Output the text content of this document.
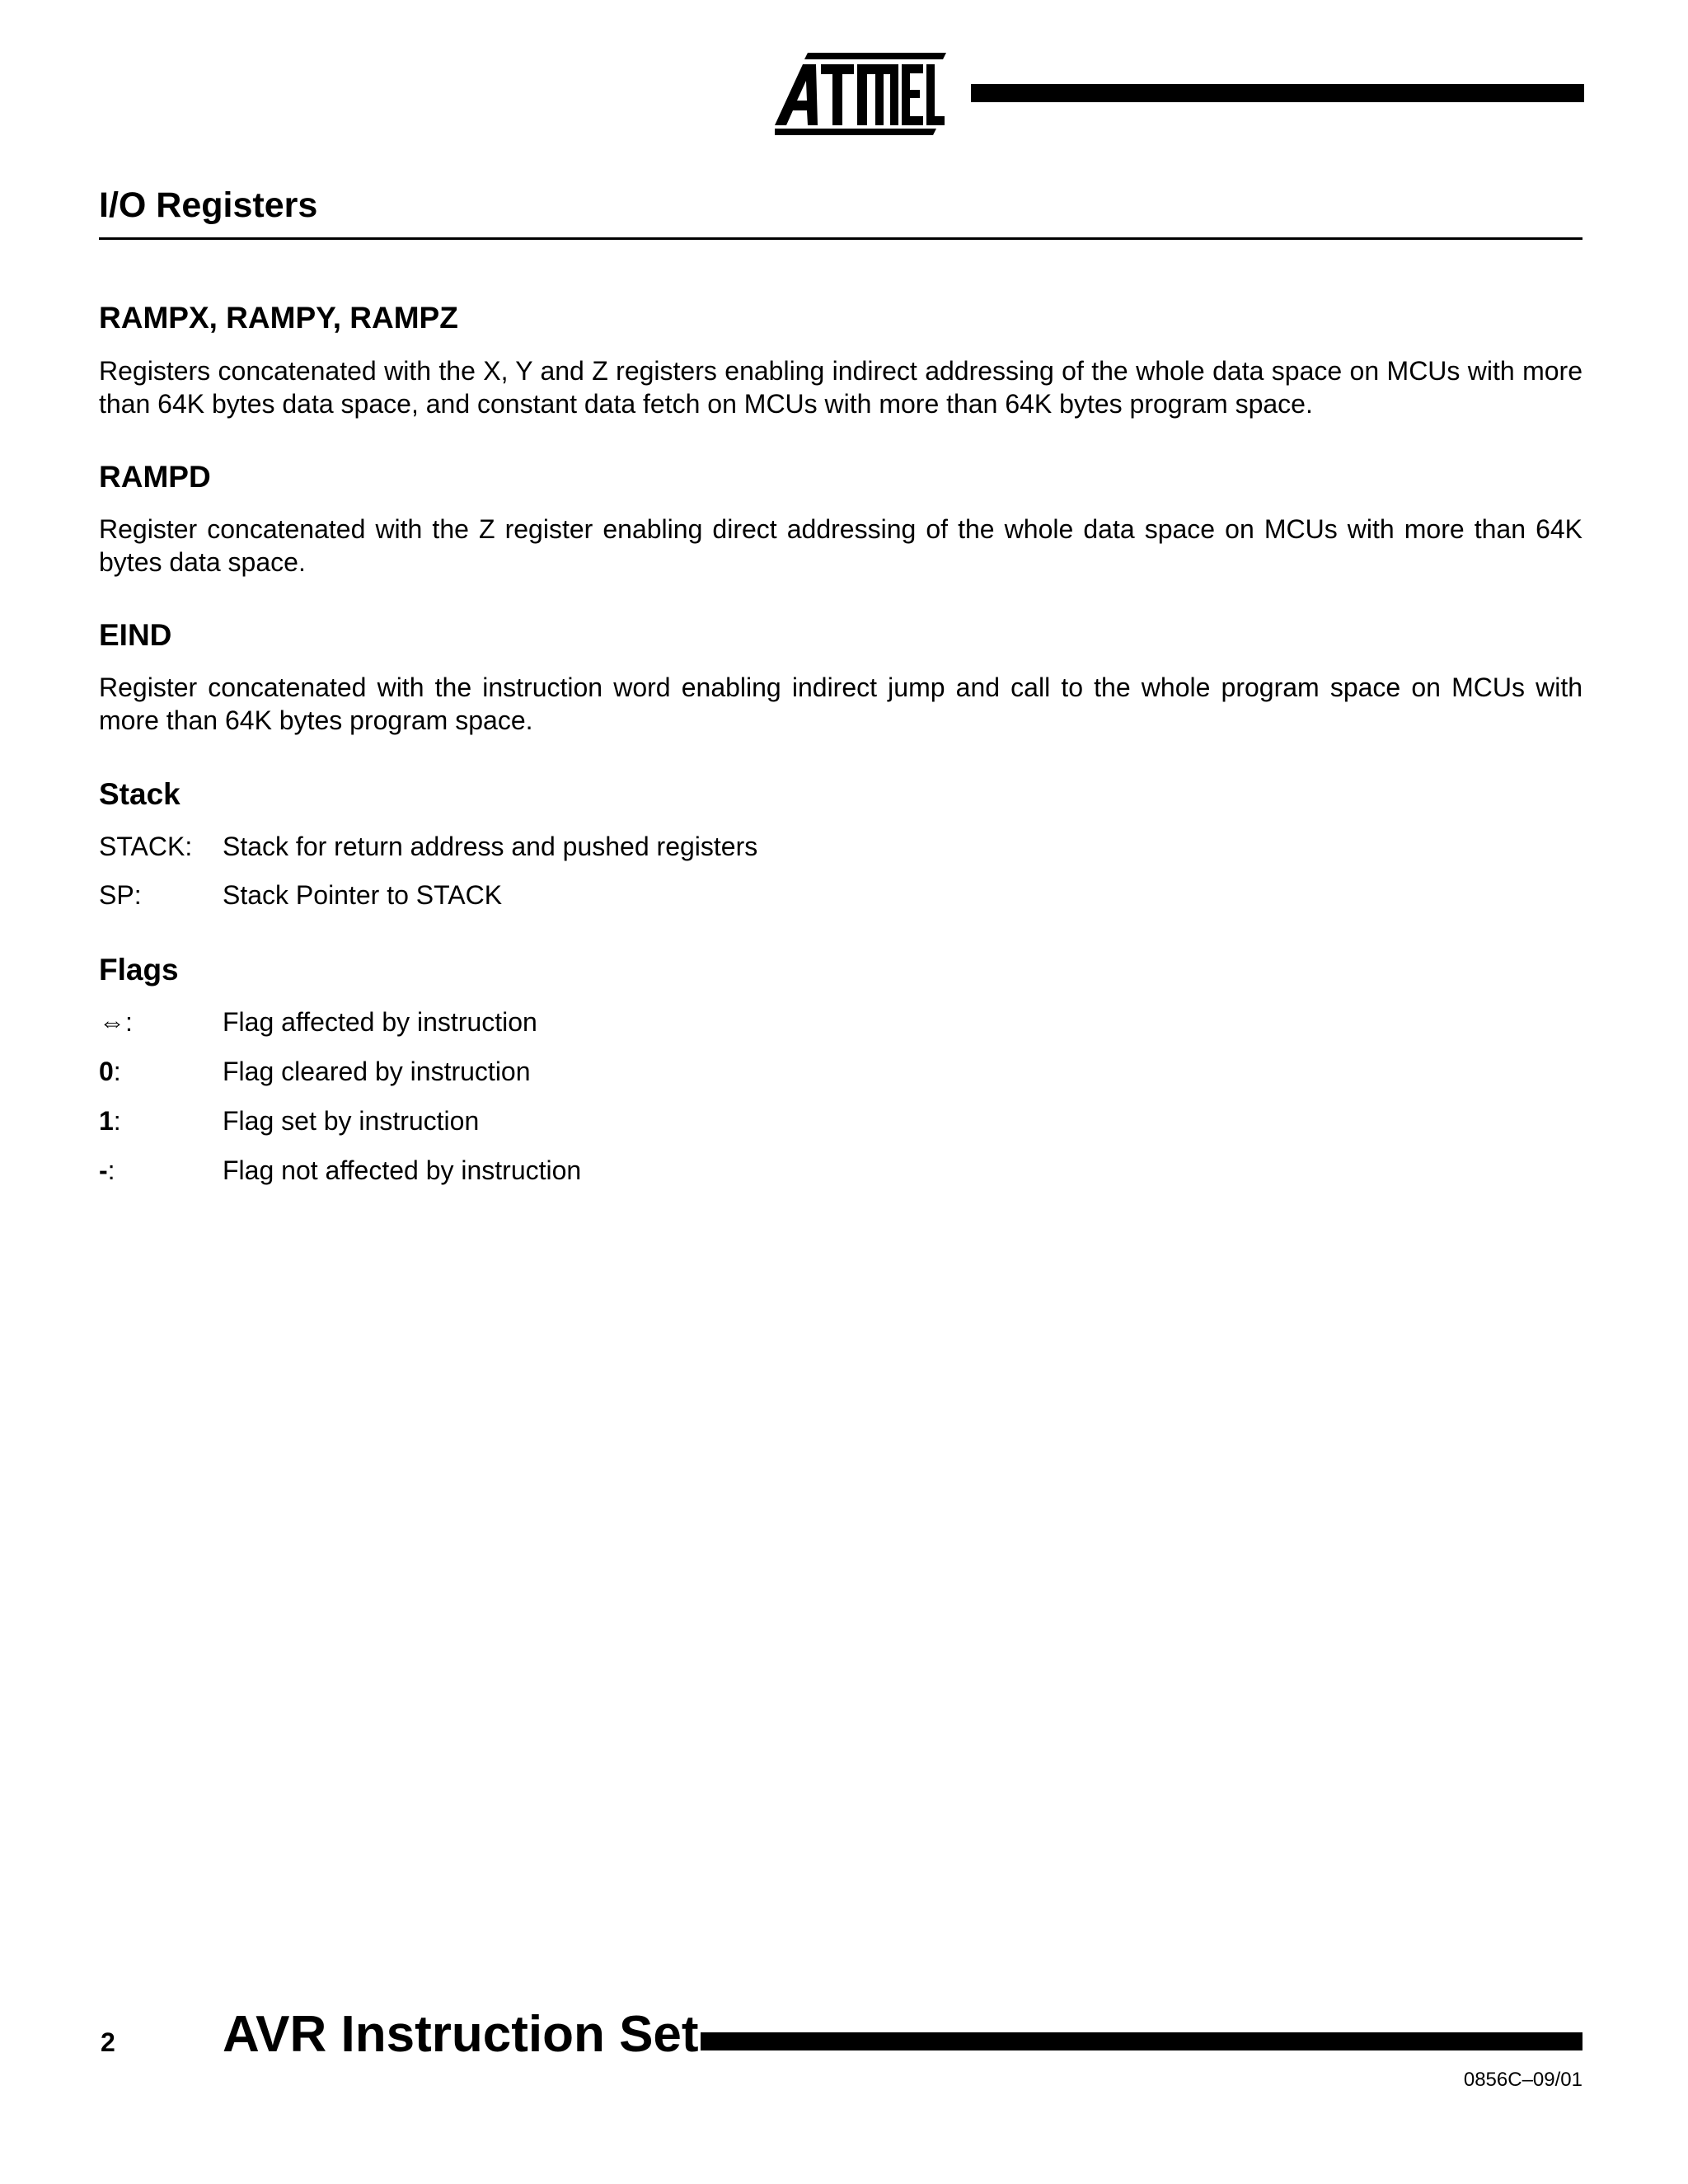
I/O Registers
RAMPX, RAMPY, RAMPZ

Registers concatenated with the X, Y and Z registers enabling indirect addressing of the whole data space on MCUs with more than 64K bytes data space, and constant data fetch on MCUs with more than 64K bytes program space.

RAMPD

Register concatenated with the Z register enabling direct addressing of the whole data space on MCUs with more than 64K bytes data space.

EIND

Register concatenated with the instruction word enabling indirect jump and call to the whole program space on MCUs with more than 64K bytes program space.

Stack
STACK: Stack for return address and pushed registers
SP:	Stack Pointer to STACK
Flags
⇔:	Flag affected by instruction
0:	Flag cleared by instruction
1:	Flag set by instruction
-:	Flag not affected by instruction
2 AVR Instruction Set
0856C–09/01
